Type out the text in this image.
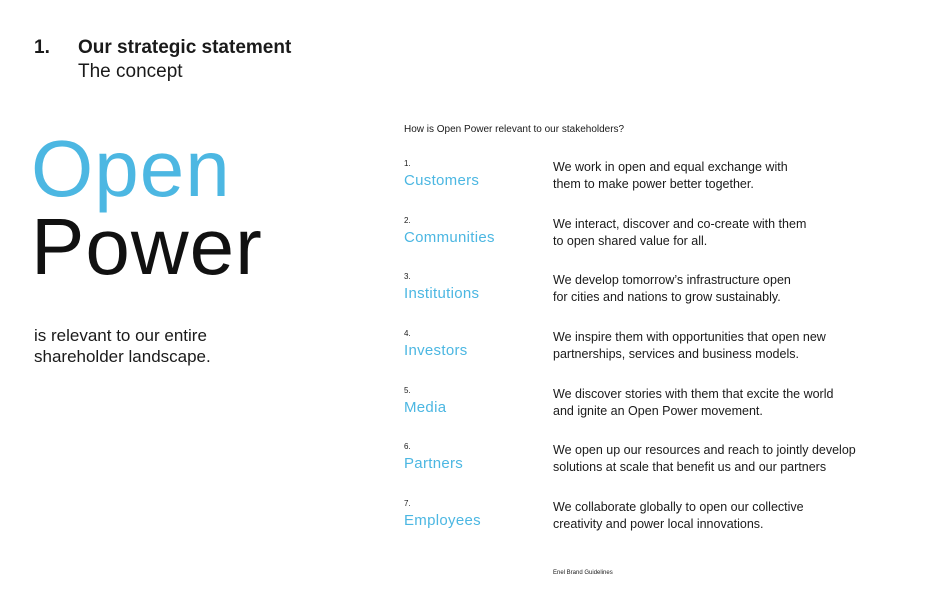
1.	Our strategic statement
The concept
Open
Power
is relevant to our entire
shareholder landscape.
How is Open Power relevant to our stakeholders?
1.
Customers
We work in open and equal exchange with
them to make power better together.
2.
Communities
We interact, discover and co-create with them
to open shared value for all.
3.
Institutions
We develop tomorrow’s infrastructure open
for cities and nations to grow sustainably.
4.
Investors
We inspire them with opportunities that open new
partnerships, services and business models.
5.
Media
We discover stories with them that excite the world
and ignite an Open Power movement.
6.
Partners
We open up our resources and reach to jointly develop
solutions at scale that benefit us and our partners
7.
Employees
We collaborate globally to open our collective
creativity and power local innovations.
Enel Brand Guidelines
